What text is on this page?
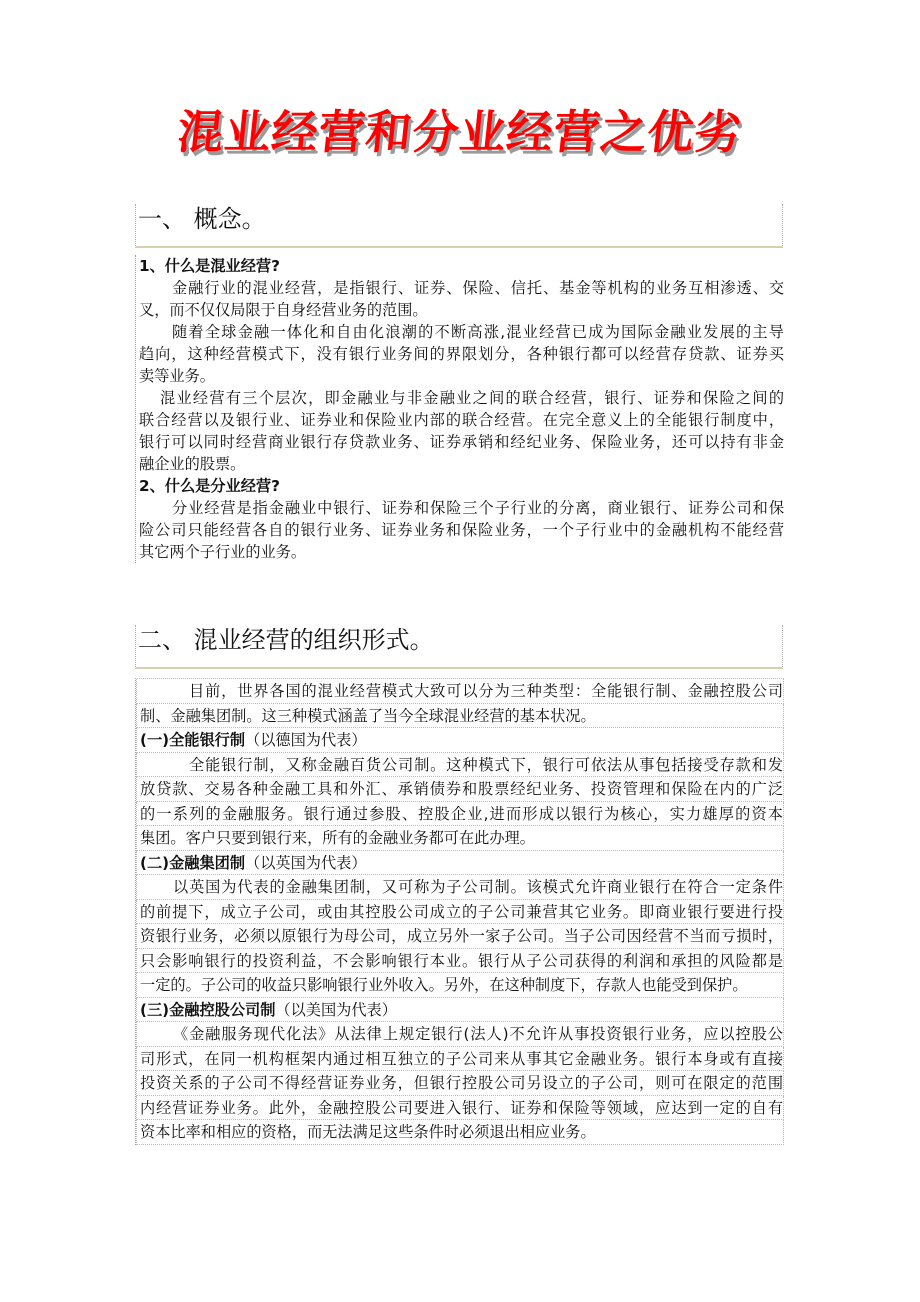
混业经营和分业经营之优劣
一、 概念。
1、什么是混业经营?
金融行业的混业经营，是指银行、证券、保险、信托、基金等机构的业务互相渗透、交
叉，而不仅仅局限于自身经营业务的范围。
随着全球金融一体化和自由化浪潮的不断高涨,混业经营已成为国际金融业发展的主导
趋向，这种经营模式下，没有银行业务间的界限划分，各种银行都可以经营存贷款、证券买
卖等业务。
混业经营有三个层次，即金融业与非金融业之间的联合经营，银行、证券和保险之间的
联合经营以及银行业、证券业和保险业内部的联合经营。在完全意义上的全能银行制度中，
银行可以同时经营商业银行存贷款业务、证券承销和经纪业务、保险业务，还可以持有非金
融企业的股票。
2、什么是分业经营?
分业经营是指金融业中银行、证券和保险三个子行业的分离，商业银行、证券公司和保
险公司只能经营各自的银行业务、证券业务和保险业务，一个子行业中的金融机构不能经营
其它两个子行业的业务。
二、 混业经营的组织形式。
目前，世界各国的混业经营模式大致可以分为三种类型：全能银行制、金融控股公司
制、金融集团制。这三种模式涵盖了当今全球混业经营的基本状况。
(一)全能银行制（以德国为代表）
全能银行制，又称金融百货公司制。这种模式下，银行可依法从事包括接受存款和发
放贷款、交易各种金融工具和外汇、承销债券和股票经纪业务、投资管理和保险在内的广泛
的一系列的金融服务。银行通过参股、控股企业,进而形成以银行为核心，实力雄厚的资本
集团。客户只要到银行来，所有的金融业务都可在此办理。
(二)金融集团制（以英国为代表）
以英国为代表的金融集团制，又可称为子公司制。该模式允许商业银行在符合一定条件
的前提下，成立子公司，或由其控股公司成立的子公司兼营其它业务。即商业银行要进行投
资银行业务，必须以原银行为母公司，成立另外一家子公司。当子公司因经营不当而亏损时，
只会影响银行的投资利益，不会影响银行本业。银行从子公司获得的利润和承担的风险都是
一定的。子公司的收益只影响银行业外收入。另外，在这种制度下，存款人也能受到保护。
(三)金融控股公司制（以美国为代表）
《金融服务现代化法》从法律上规定银行(法人)不允许从事投资银行业务，应以控股公
司形式，在同一机构框架内通过相互独立的子公司来从事其它金融业务。银行本身或有直接
投资关系的子公司不得经营证券业务，但银行控股公司另设立的子公司，则可在限定的范围
内经营证券业务。此外，金融控股公司要进入银行、证券和保险等领域，应达到一定的自有
资本比率和相应的资格，而无法满足这些条件时必须退出相应业务。
